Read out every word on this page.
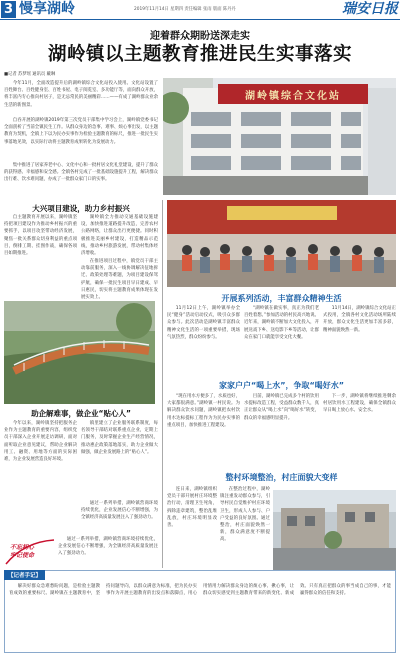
3 慢享湖岭	2019年11月14日 星期四 责任编辑 张雨 版面 陈丹丹	瑞安日报
迎着群众期盼送深走实
湖岭镇以主题教育推进民生实事落实
■记者 苏梦瑶 通讯员 戴琳
今年11月，全面改造提升后的湖岭镇综合文化站投入使用。文化站设置了百姓舞台、百姓健身室、百姓书屋、电子阅览室、多功能厅等，面向群众开放，将丰富内专心推向村居子，是无忌常民的美丽精彩……——有成了湖岭群众业余生活的新图景。
自吞开展的湖岭镇2019年第三次党员干部集中学习会上，湖岭镇党委书记全面剖析了当前全镇民生工作。从群众身边的急事、难事、烦心事出发，以主题教育为契机，全镇上下以为民办实事作为检验主题教育的标尺，推进一批民生实事落地见效，以实际行动将主题教育成果转化为发展动力。
集中推进了居家养老中心、文化中心和一批村居文化礼堂建设，提升了群众的获得感、幸福感和安全感。全镇各村完成了一批基础设施提升工程，解决群众出行难、饮水难问题，办成了一批群众家门口的实事。
湖岭镇综合文化站
大兴项目建设，助力乡村振兴
自主题教育开展以来，湖岭镇坚持把项目建设作为推动乡村振兴的重要抓手，以项目攻坚带动经济发展，聚焦一批关系群众切身利益的重点项目，倒排工期、挂图作战，确保各项目如期推进。
湖岭镇全力推动交通基础设施建设，加快推进道路提升改造，完善农村公路网络，让群众出行更便捷。同时积极推进美丽乡村建设，打造精品示范线，推动乡村旅游发展，带动村集体经济增收。
在推进项目过程中，镇党员干部主动靠前服务，深入一线协调解决征地拆迁、政策处理等难题，为项目建设保驾护航，确保一批民生项目早日建成、早日惠民，切实将主题教育成果体现在发展实效上。
助企解难事，做企业“贴心人”
今年以来，湖岭镇坚持把服务企业作为主题教育的重要内容，组织党员干部深入企业开展走访调研，面对面听取企业意见建议，帮助企业解决用工、融资、用地等方面的实际困难，为企业发展营造良好环境。
镇里建立了企业服务联系制度，每名领导干部结对联系重点企业，定期上门服务，及时掌握企业生产经营情况，推动惠企政策落地落实，助力企业做大做强，做企业发展路上的“贴心人”。
通过一系列举措，湖岭镇营商环境持续优化，企业发展信心不断增强，为全镇经济高质量发展注入了强劲动力。
通过一系列举措，湖岭镇营商环境持续优化，企业发展信心不断增强，为全镇经济高质量发展注入了强劲动力。
不忘初心
牢记使命
开展系列活动，丰富群众精神生活
11月12日上午，湖岭镇举办全民“健身”活动启动仪式，吸引众多群众参与。此次活动是湖岭镇丰富群众精神文化生活的一项重要举措，现场气氛热烈，群众纷纷参与。
“湖岭镇在做实事，真正为我们老百姓着想。”参加活动的村民高兴地说。近年来，湖岭镇不断加大文化投入，开展送戏下乡、送电影下乡等活动，让群众在家门口就能享受文化大餐。
11月14日，湖岭镇综合文化站正式投用，全镇各村文化活动场所陆续开放，群众文化生活更加丰富多彩，精神面貌焕然一新。
家家户户“喝上水”，争取“喝好水”
“现在用水方便多了，水质也好，大家都很满意。”湖岭镇一村民说。为解决群众饮水问题，湖岭镇把农村饮用水达标提标工程作为为民办实事的重点项目，加快推进工程建设。
目前，湖岭镇已完成多个村的饮用水提标改造工程，受益群众数千人，真正让群众从“喝上水”向“喝好水”转变，群众的幸福感明显提升。
下一步，湖岭镇将继续推进剩余村居饮用水工程建设，确保全镇群众早日喝上放心水、安全水。
整村环境整治，村庄面貌大变样
连日来，湖岭镇组织党员干部开展村庄环境整治行动，清理卫生死角，拆除违章建筑，整治乱堆乱放，村庄环境明显改善。
在整治过程中，湖岭镇注重发动群众参与，引导村民自觉维护村庄环境卫生，形成人人参与、户户受益的良好氛围。通过整治，村庄面貌焕然一新，群众满意度不断提高。
【记者手记】
解决好群众急难愁盼问题，是检验主题教育成效的重要标尺。湖岭镇在主题教育中，坚持问题导向，以群众满意为标准，把为民办实事作为开展主题教育的出发点和落脚点，用心用情用力解决群众身边的烦心事、揪心事，让群众切实感受到主题教育带来的新变化、新成效。只有真正把群众的事当成自己的事，才能赢得群众的信任和支持。
